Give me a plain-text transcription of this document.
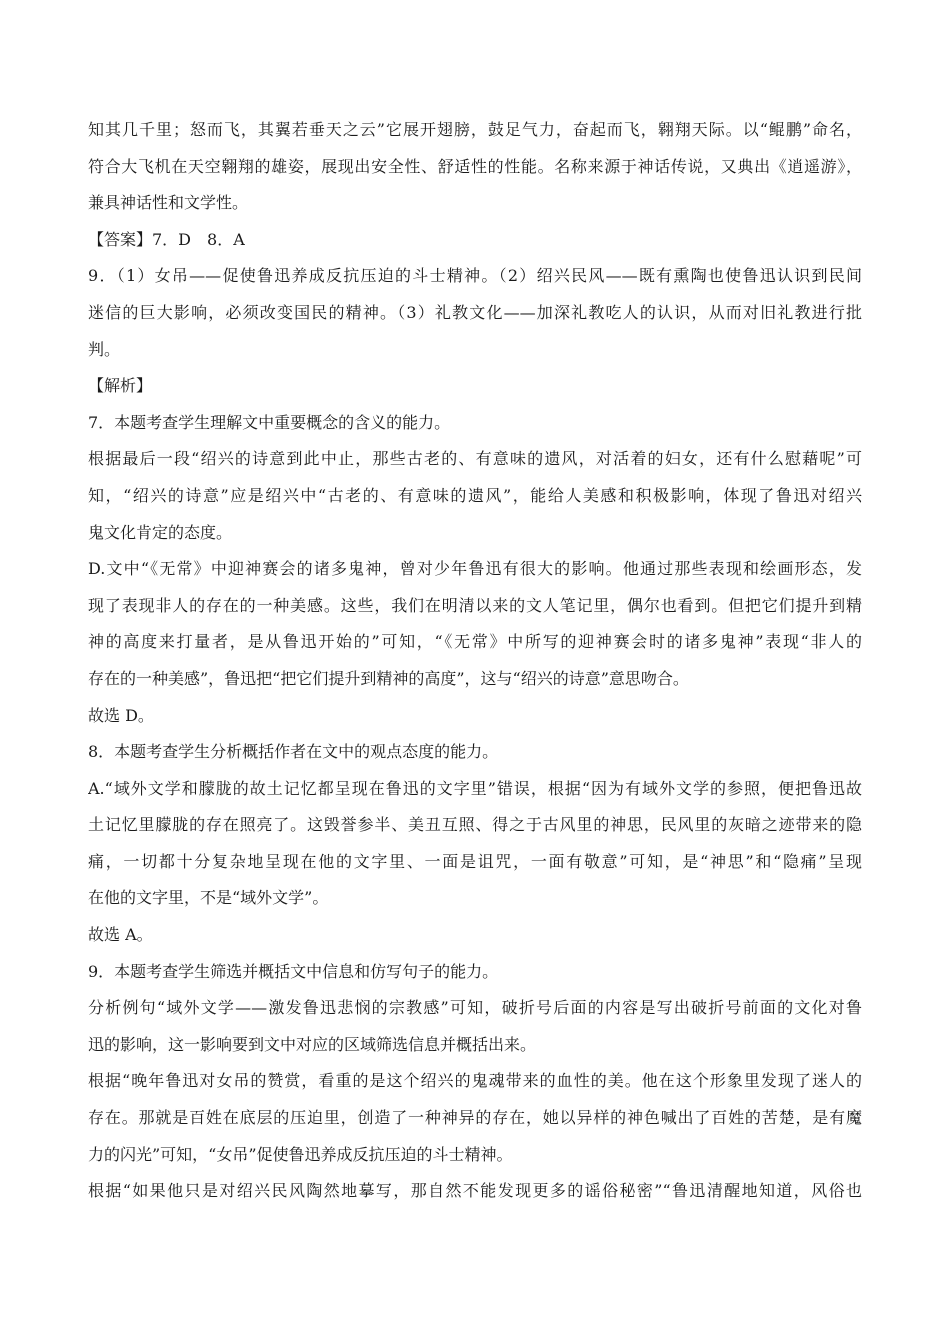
知其几千里；怒而飞，其翼若垂天之云”它展开翅膀，鼓足气力，奋起而飞，翱翔天际。以“鲲鹏”命名，
符合大飞机在天空翱翔的雄姿，展现出安全性、舒适性的性能。名称来源于神话传说，又典出《逍遥游》，
兼具神话性和文学性。
【答案】7．D　8．A
9．（1）女吊——促使鲁迅养成反抗压迫的斗士精神。（2）绍兴民风——既有熏陶也使鲁迅认识到民间
迷信的巨大影响，必须改变国民的精神。（3）礼教文化——加深礼教吃人的认识，从而对旧礼教进行批
判。
【解析】
7．本题考查学生理解文中重要概念的含义的能力。
根据最后一段“绍兴的诗意到此中止，那些古老的、有意味的遗风，对活着的妇女，还有什么慰藉呢”可
知，“绍兴的诗意”应是绍兴中“古老的、有意味的遗风”，能给人美感和积极影响，体现了鲁迅对绍兴
鬼文化肯定的态度。
D.文中“《无常》中迎神赛会的诸多鬼神，曾对少年鲁迅有很大的影响。他通过那些表现和绘画形态，发
现了表现非人的存在的一种美感。这些，我们在明清以来的文人笔记里，偶尔也看到。但把它们提升到精
神的高度来打量者，是从鲁迅开始的”可知，“《无常》中所写的迎神赛会时的诸多鬼神”表现“非人的
存在的一种美感”，鲁迅把“把它们提升到精神的高度”，这与“绍兴的诗意”意思吻合。
故选 D。
8．本题考查学生分析概括作者在文中的观点态度的能力。
A.“域外文学和朦胧的故土记忆都呈现在鲁迅的文字里”错误，根据“因为有域外文学的参照，便把鲁迅故
土记忆里朦胧的存在照亮了。这毁誉参半、美丑互照、得之于古风里的神思，民风里的灰暗之迹带来的隐
痛，一切都十分复杂地呈现在他的文字里、一面是诅咒，一面有敬意”可知，是“神思”和“隐痛”呈现
在他的文字里，不是“域外文学”。
故选 A。
9．本题考查学生筛选并概括文中信息和仿写句子的能力。
分析例句“域外文学——激发鲁迅悲悯的宗教感”可知，破折号后面的内容是写出破折号前面的文化对鲁
迅的影响，这一影响要到文中对应的区域筛选信息并概括出来。
根据“晚年鲁迅对女吊的赞赏，看重的是这个绍兴的鬼魂带来的血性的美。他在这个形象里发现了迷人的
存在。那就是百姓在底层的压迫里，创造了一种神异的存在，她以异样的神色喊出了百姓的苦楚，是有魔
力的闪光”可知，“女吊”促使鲁迅养成反抗压迫的斗士精神。
根据“如果他只是对绍兴民风陶然地摹写，那自然不能发现更多的谣俗秘密”“鲁迅清醒地知道，风俗也
